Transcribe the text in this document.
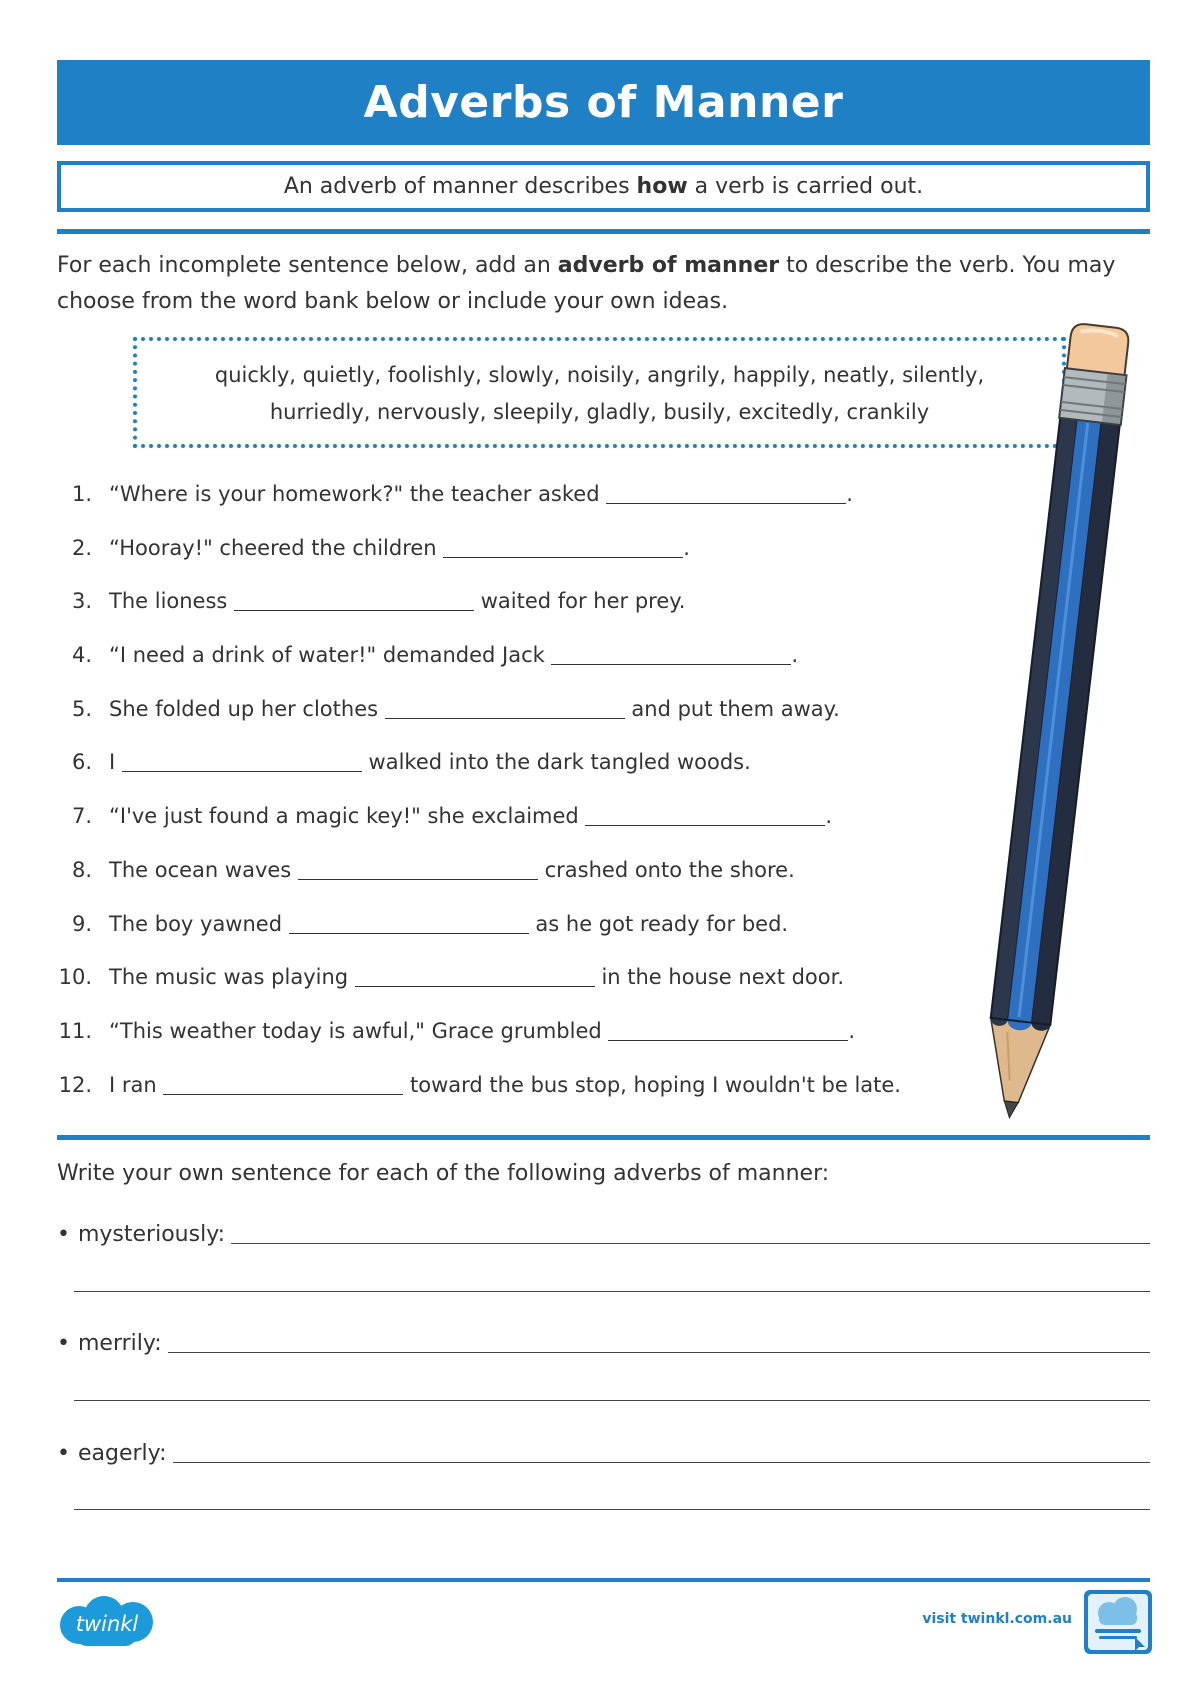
Adverbs of Manner
An adverb of manner describes how a verb is carried out.
For each incomplete sentence below, add an adverb of manner to describe the verb. You may
choose from the word bank below or include your own ideas.
quickly, quietly, foolishly, slowly, noisily, angrily, happily, neatly, silently,
hurriedly, nervously, sleepily, gladly, busily, excitedly, crankily
1. “Where is your homework?" the teacher asked	.
2. “Hooray!" cheered the children	.
3. The lioness	waited for her prey.
4. “I need a drink of water!" demanded Jack	.
5. She folded up her clothes	and put them away.
6. I	walked into the dark tangled woods.
7. “I've just found a magic key!" she exclaimed	.
8. The ocean waves	crashed onto the shore.
9. The boy yawned	as he got ready for bed.
10. The music was playing	in the house next door.
11. “This weather today is awful," Grace grumbled	.
12. I ran	toward the bus stop, hoping I wouldn't be late.
Write your own sentence for each of the following adverbs of manner:
• mysteriously:
• merrily:
• eagerly:
twinkl	visit twinkl.com.au
